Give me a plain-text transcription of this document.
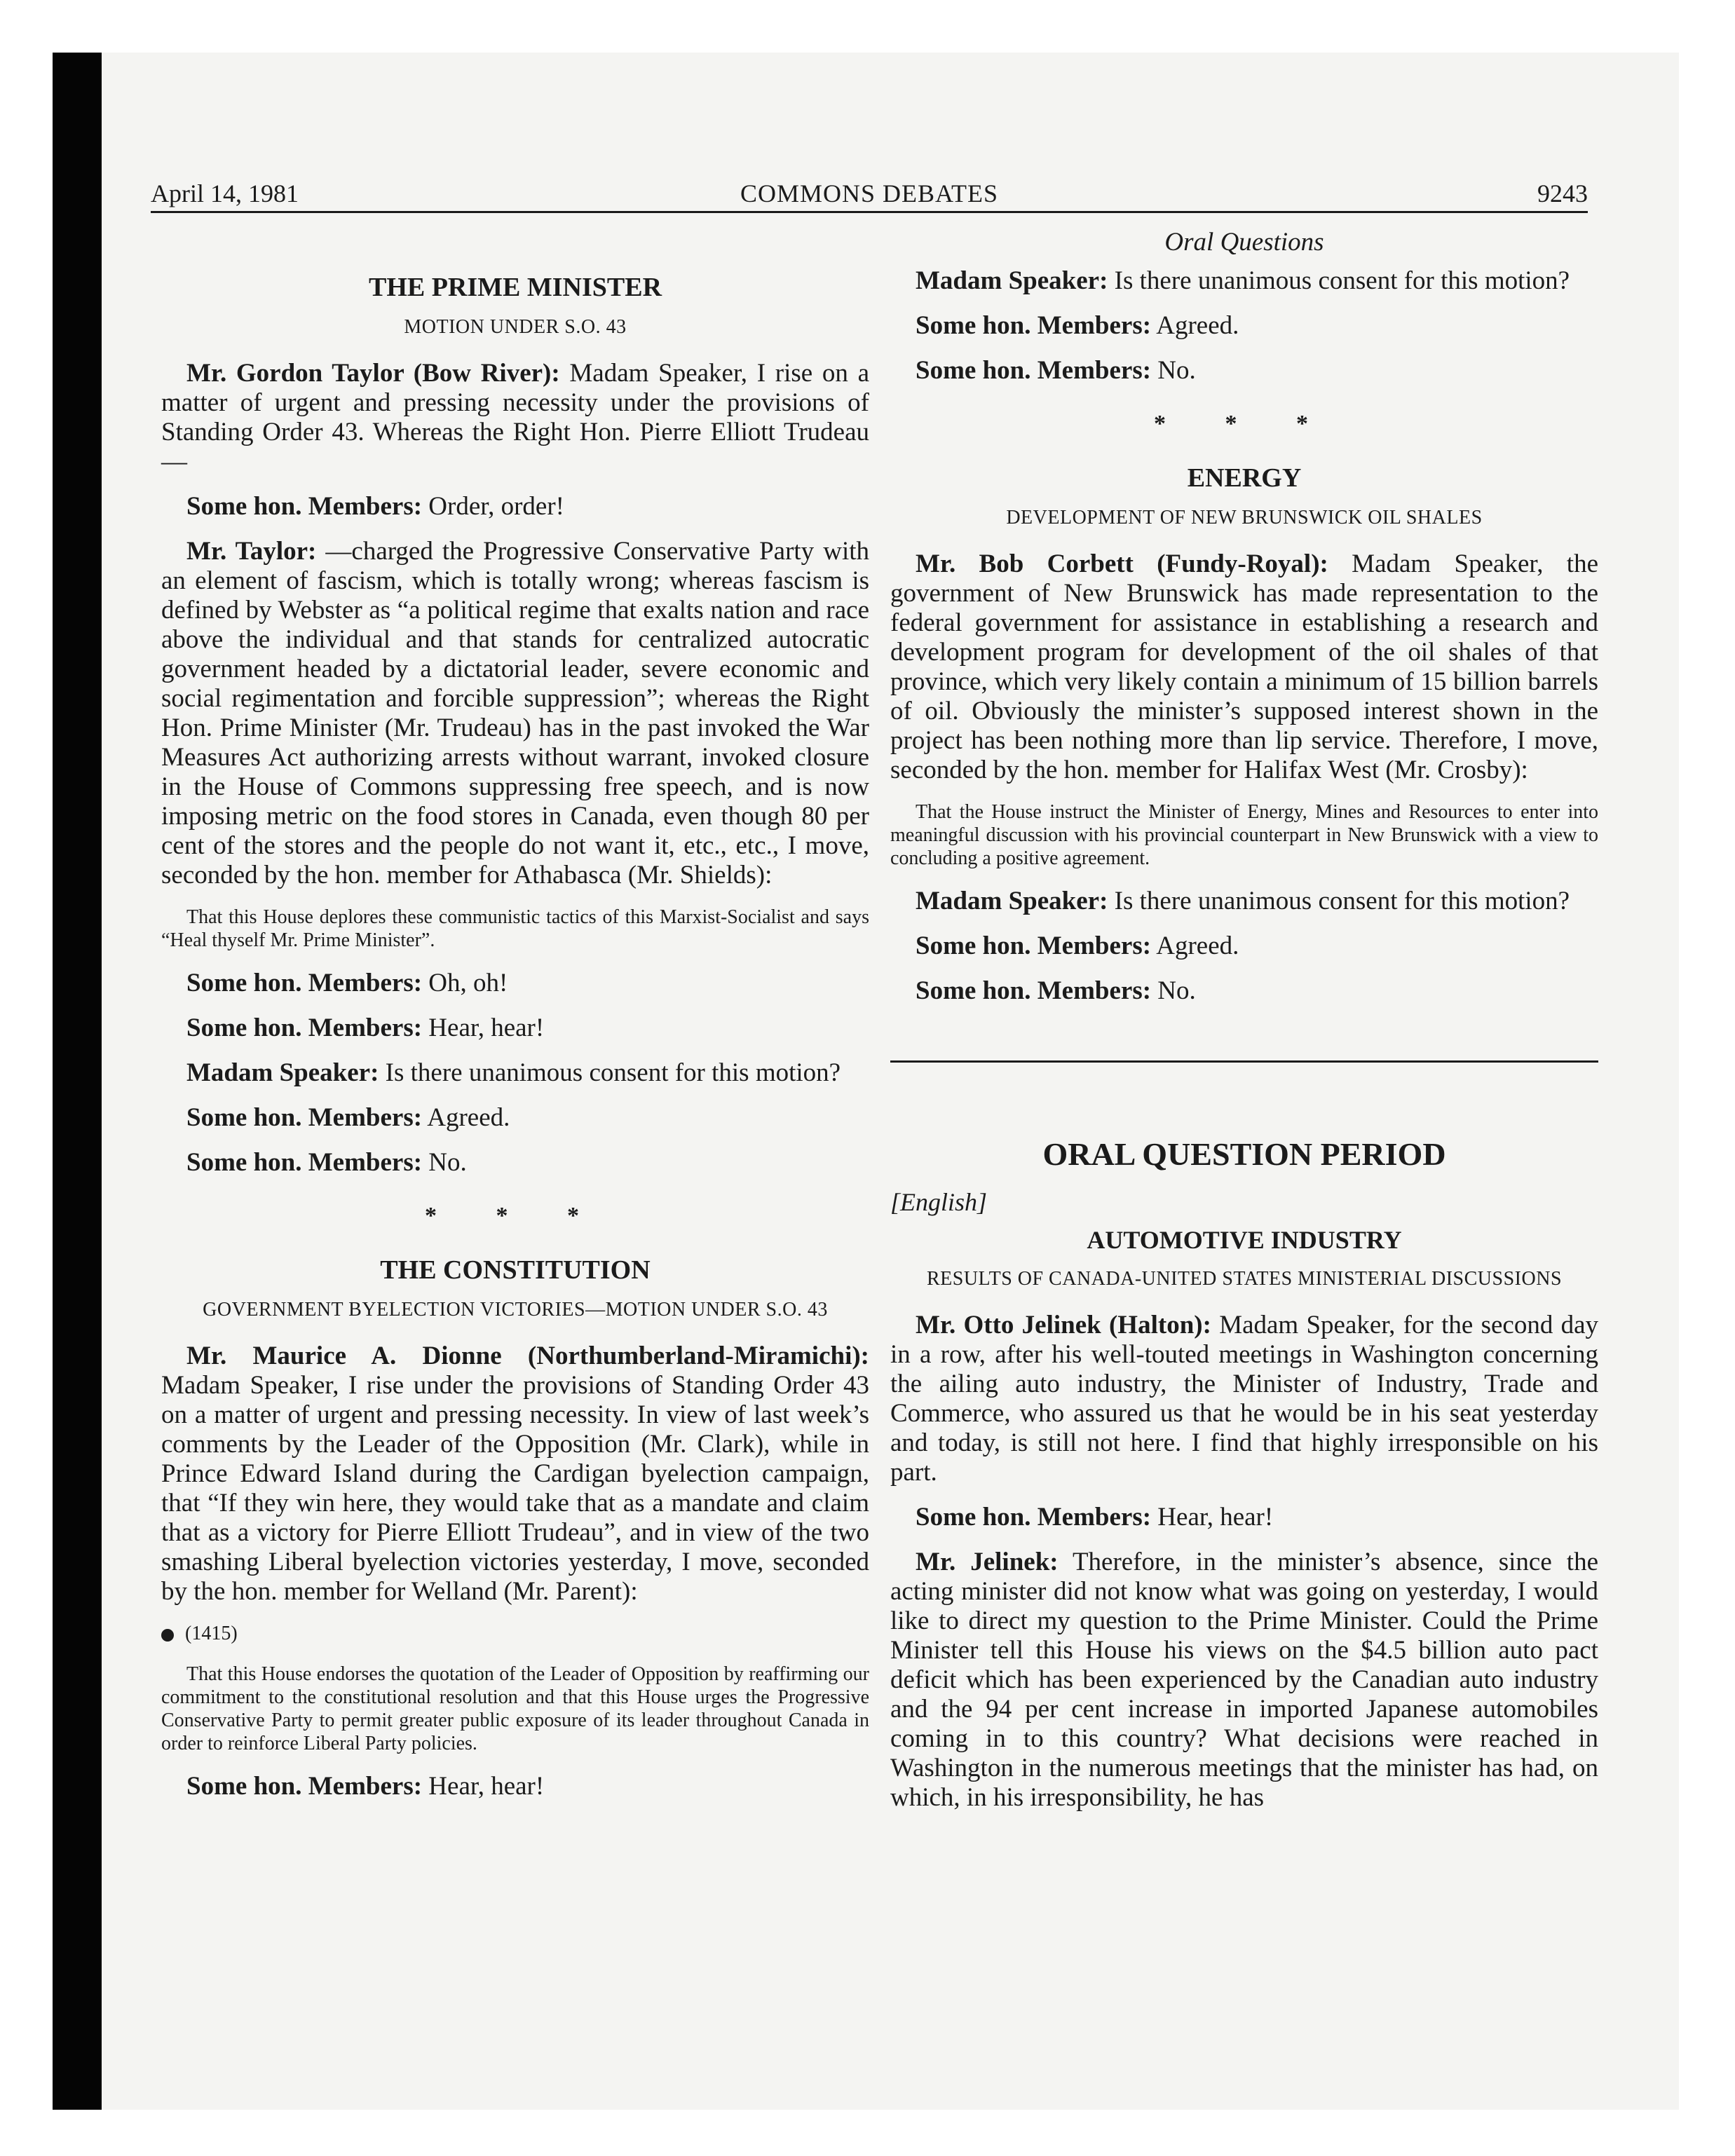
April 14, 1981	COMMONS DEBATES	9243
THE PRIME MINISTER
MOTION UNDER S.O. 43

Mr. Gordon Taylor (Bow River): Madam Speaker, I rise on a matter of urgent and pressing necessity under the provisions of Standing Order 43. Whereas the Right Hon. Pierre Elliott Trudeau—

Some hon. Members: Order, order!

Mr. Taylor: —charged the Progressive Conservative Party with an element of fascism, which is totally wrong; whereas fascism is defined by Webster as “a political regime that exalts nation and race above the individual and that stands for centralized autocratic government headed by a dictatorial leader, severe economic and social regimentation and forcible suppression”; whereas the Right Hon. Prime Minister (Mr. Trudeau) has in the past invoked the War Measures Act authorizing arrests without warrant, invoked closure in the House of Commons suppressing free speech, and is now imposing metric on the food stores in Canada, even though 80 per cent of the stores and the people do not want it, etc., etc., I move, seconded by the hon. member for Athabasca (Mr. Shields):

That this House deplores these communistic tactics of this Marxist-Socialist and says “Heal thyself Mr. Prime Minister”.

Some hon. Members: Oh, oh!

Some hon. Members: Hear, hear!

Madam Speaker: Is there unanimous consent for this motion?

Some hon. Members: Agreed.

Some hon. Members: No.

* * *
THE CONSTITUTION
GOVERNMENT BYELECTION VICTORIES—MOTION UNDER S.O. 43

Mr. Maurice A. Dionne (Northumberland-Miramichi): Madam Speaker, I rise under the provisions of Standing Order 43 on a matter of urgent and pressing necessity. In view of last week’s comments by the Leader of the Opposition (Mr. Clark), while in Prince Edward Island during the Cardigan byelection campaign, that “If they win here, they would take that as a mandate and claim that as a victory for Pierre Elliott Trudeau”, and in view of the two smashing Liberal byelection victories yesterday, I move, seconded by the hon. member for Welland (Mr. Parent):

(1415)

That this House endorses the quotation of the Leader of Opposition by reaffirming our commitment to the constitutional resolution and that this House urges the Progressive Conservative Party to permit greater public exposure of its leader throughout Canada in order to reinforce Liberal Party policies.

Some hon. Members: Hear, hear!

Oral Questions

Madam Speaker: Is there unanimous consent for this motion?

Some hon. Members: Agreed.

Some hon. Members: No.

* * *
ENERGY
DEVELOPMENT OF NEW BRUNSWICK OIL SHALES

Mr. Bob Corbett (Fundy-Royal): Madam Speaker, the government of New Brunswick has made representation to the federal government for assistance in establishing a research and development program for development of the oil shales of that province, which very likely contain a minimum of 15 billion barrels of oil. Obviously the minister’s supposed interest shown in the project has been nothing more than lip service. Therefore, I move, seconded by the hon. member for Halifax West (Mr. Crosby):

That the House instruct the Minister of Energy, Mines and Resources to enter into meaningful discussion with his provincial counterpart in New Brunswick with a view to concluding a positive agreement.

Madam Speaker: Is there unanimous consent for this motion?

Some hon. Members: Agreed.

Some hon. Members: No.

ORAL QUESTION PERIOD
[English]
AUTOMOTIVE INDUSTRY
RESULTS OF CANADA-UNITED STATES MINISTERIAL DISCUSSIONS

Mr. Otto Jelinek (Halton): Madam Speaker, for the second day in a row, after his well-touted meetings in Washington concerning the ailing auto industry, the Minister of Industry, Trade and Commerce, who assured us that he would be in his seat yesterday and today, is still not here. I find that highly irresponsible on his part.

Some hon. Members: Hear, hear!

Mr. Jelinek: Therefore, in the minister’s absence, since the acting minister did not know what was going on yesterday, I would like to direct my question to the Prime Minister. Could the Prime Minister tell this House his views on the $4.5 billion auto pact deficit which has been experienced by the Canadian auto industry and the 94 per cent increase in imported Japanese automobiles coming in to this country? What decisions were reached in Washington in the numerous meetings that the minister has had, on which, in his irresponsibility, he has
